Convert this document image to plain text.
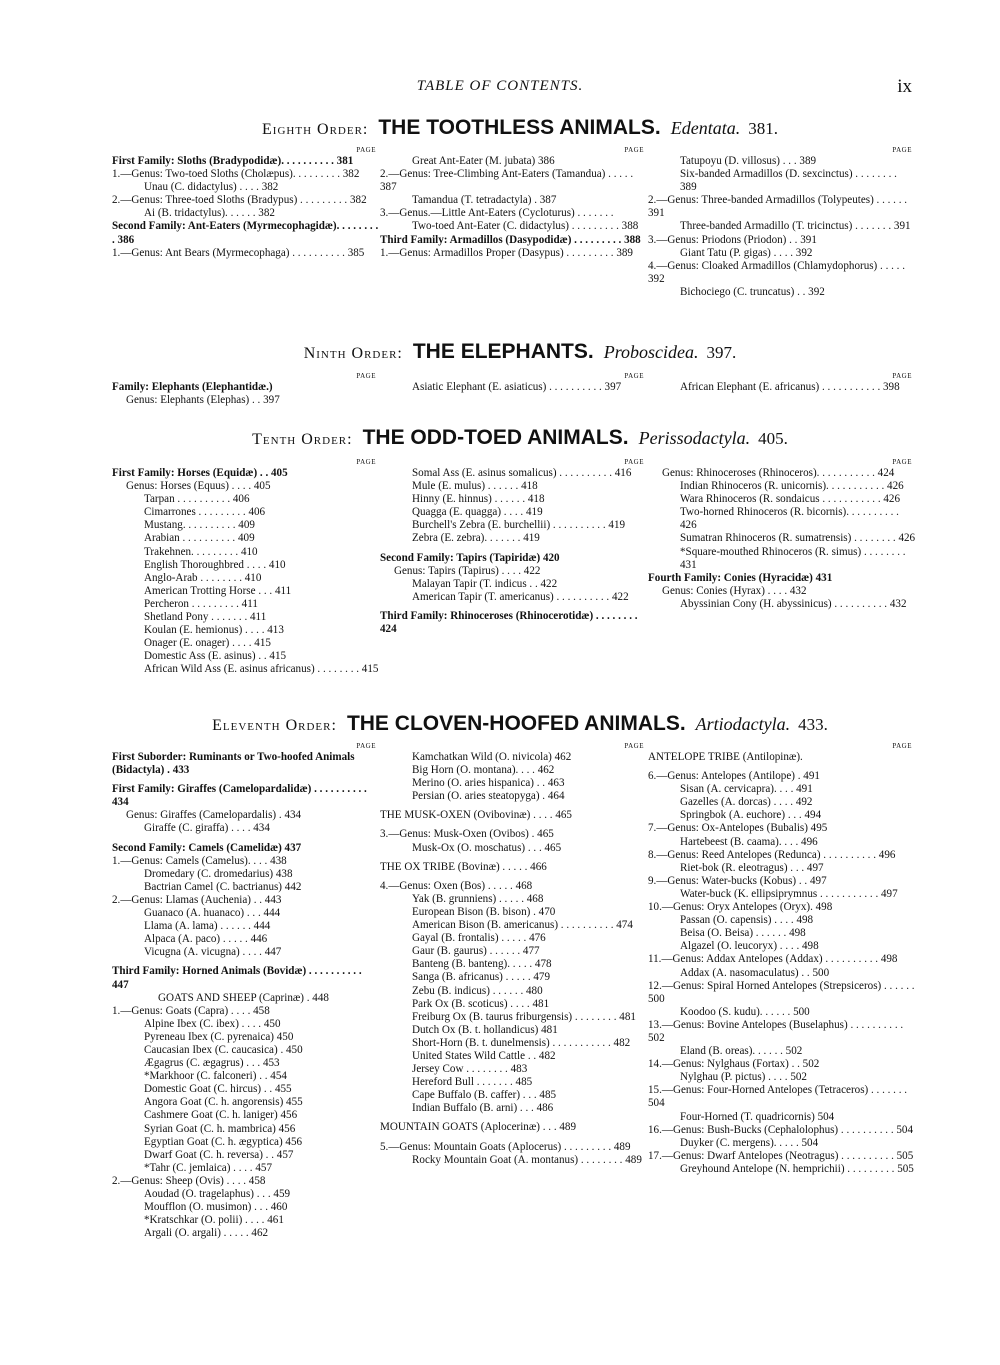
TABLE OF CONTENTS.	ix
Eighth Order: THE TOOTHLESS ANIMALS. Edentata. 381.
PAGE
First Family: Sloths (Bradypodidæ). . . . . . . . . . 381
1.—Genus: Two-toed Sloths (Cholæpus). . . . . . . . . 382
Unau (C. didactylus) . . . . 382
2.—Genus: Three-toed Sloths (Bradypus) . . . . . . . . . 382
Ai (B. tridactylus). . . . . . 382
Second Family: Ant-Eaters (Myrmecophagidæ). . . . . . . . . 386
1.—Genus: Ant Bears (Myrmecophaga) . . . . . . . . . . 385
PAGE
Great Ant-Eater (M. jubata) 386
2.—Genus: Tree-Climbing Ant-Eaters (Tamandua) . . . . . 387
Tamandua (T. tetradactyla) . 387
3.—Genus.—Little Ant-Eaters (Cycloturus) . . . . . . .
Two-toed Ant-Eater (C. didactylus) . . . . . . . . . 388
Third Family: Armadillos (Dasypodidæ) . . . . . . . . . 388
1.—Genus: Armadillos Proper (Dasypus) . . . . . . . . . 389
PAGE
Tatupoyu (D. villosus) . . . 389
Six-banded Armadillos (D. sexcinctus) . . . . . . . . 389
2.—Genus: Three-banded Armadillos (Tolypeutes) . . . . . . 391
Three-banded Armadillo (T. tricinctus) . . . . . . . 391
3.—Genus: Priodons (Priodon) . . 391
Giant Tatu (P. gigas) . . . . 392
4.—Genus: Cloaked Armadillos (Chlamydophorus) . . . . . 392
Bichociego (C. truncatus) . . 392
Ninth Order: THE ELEPHANTS. Proboscidea. 397.
PAGE
Family: Elephants (Elephantidæ.)
Genus: Elephants (Elephas) . . 397
PAGE
Asiatic Elephant (E. asiaticus) . . . . . . . . . . 397
PAGE
African Elephant (E. africanus) . . . . . . . . . . . 398
Tenth Order: THE ODD-TOED ANIMALS. Perissodactyla. 405.
PAGE
First Family: Horses (Equidæ) . . 405
Genus: Horses (Equus) . . . . 405
Tarpan . . . . . . . . . . 406
Cimarrones . . . . . . . . . 406
Mustang. . . . . . . . . . 409
Arabian . . . . . . . . . . 409
Trakehnen. . . . . . . . . 410
English Thoroughbred . . . . 410
Anglo-Arab . . . . . . . . 410
American Trotting Horse . . . 411
Percheron . . . . . . . . . 411
Shetland Pony . . . . . . . 411
Koulan (E. hemionus) . . . . 413
Onager (E. onager) . . . . 415
Domestic Ass (E. asinus) . . 415
African Wild Ass (E. asinus africanus) . . . . . . . . 415
PAGE
Somal Ass (E. asinus somalicus) . . . . . . . . . . 416
Mule (E. mulus) . . . . . . 418
Hinny (E. hinnus) . . . . . . 418
Quagga (E. quagga) . . . . 419
Burchell's Zebra (E. burchellii) . . . . . . . . . . 419
Zebra (E. zebra). . . . . . . 419
Second Family: Tapirs (Tapiridæ) 420
Genus: Tapirs (Tapirus) . . . . 422
Malayan Tapir (T. indicus . . 422
American Tapir (T. americanus) . . . . . . . . . . 422
Third Family: Rhinoceroses (Rhinocerotidæ) . . . . . . . . 424
PAGE
Genus: Rhinoceroses (Rhinoceros). . . . . . . . . . . 424
Indian Rhinoceros (R. unicornis). . . . . . . . . . . 426
Wara Rhinoceros (R. sondaicus . . . . . . . . . . . 426
Two-horned Rhinoceros (R. bicornis). . . . . . . . . . 426
Sumatran Rhinoceros (R. sumatrensis) . . . . . . . . 426
*Square-mouthed Rhinoceros (R. simus) . . . . . . . . 431
Fourth Family: Conies (Hyracidæ) 431
Genus: Conies (Hyrax) . . . . 432
Abyssinian Cony (H. abyssinicus) . . . . . . . . . . 432
Eleventh Order: THE CLOVEN-HOOFED ANIMALS. Artiodactyla. 433.
PAGE
First Suborder: Ruminants or Two-hoofed Animals (Bidactyla) . 433
First Family: Giraffes (Camelopardalidæ) . . . . . . . . . . 434
Genus: Giraffes (Camelopardalis) . 434
Giraffe (C. giraffa) . . . . 434
Second Family: Camels (Camelidæ) 437
1.—Genus: Camels (Camelus). . . . 438
Dromedary (C. dromedarius) 438
Bactrian Camel (C. bactrianus) 442
2.—Genus: Llamas (Auchenia) . . 443
Guanaco (A. huanaco) . . . 444
Llama (A. lama) . . . . . . 444
Alpaca (A. paco) . . . . . 446
Vicugna (A. vicugna) . . . . 447
Third Family: Horned Animals (Bovidæ) . . . . . . . . . . 447
GOATS AND SHEEP (Caprinæ) . 448
1.—Genus: Goats (Capra) . . . . 458
Alpine Ibex (C. ibex) . . . . 450
Pyreneau Ibex (C. pyrenaica) 450
Caucasian Ibex (C. caucasica) . 450
Ægagrus (C. ægagrus) . . . 453
*Markhoor (C. falconeri) . . 454
Domestic Goat (C. hircus) . . 455
Angora Goat (C. h. angorensis) 455
Cashmere Goat (C. h. laniger) 456
Syrian Goat (C. h. mambrica) 456
Egyptian Goat (C. h. ægyptica) 456
Dwarf Goat (C. h. reversa) . . 457
*Tahr (C. jemlaica) . . . . 457
2.—Genus: Sheep (Ovis) . . . . 458
Aoudad (O. tragelaphus) . . . 459
Moufflon (O. musimon) . . . 460
*Kratschkar (O. polii) . . . . 461
Argali (O. argali) . . . . . 462
PAGE
Kamchatkan Wild (O. nivicola) 462
Big Horn (O. montana). . . . 462
Merino (O. aries hispanica) . . 463
Persian (O. aries steatopyga) . 464
THE MUSK-OXEN (Ovibovinæ) . . . . 465
3.—Genus: Musk-Oxen (Ovibos) . 465
Musk-Ox (O. moschatus) . . . 465
THE OX TRIBE (Bovinæ) . . . . . 466
4.—Genus: Oxen (Bos) . . . . . 468
Yak (B. grunniens) . . . . . 468
European Bison (B. bison) . 470
American Bison (B. americanus) . . . . . . . . . . 474
Gayal (B. frontalis) . . . . . 476
Gaur (B. gaurus) . . . . . . 477
Banteng (B. banteng). . . . . 478
Sanga (B. africanus) . . . . . 479
Zebu (B. indicus) . . . . . . 480
Park Ox (B. scoticus) . . . . 481
Freiburg Ox (B. taurus friburgensis) . . . . . . . . 481
Dutch Ox (B. t. hollandicus) 481
Short-Horn (B. t. dunelmensis) . . . . . . . . . . . 482
United States Wild Cattle . . 482
Jersey Cow . . . . . . . . 483
Hereford Bull . . . . . . . 485
Cape Buffalo (B. caffer) . . . 485
Indian Buffalo (B. arni) . . . 486
MOUNTAIN GOATS (Aplocerinæ) . . . 489
5.—Genus: Mountain Goats (Aplocerus) . . . . . . . . . 489
Rocky Mountain Goat (A. montanus) . . . . . . . . 489
PAGE
ANTELOPE TRIBE (Antilopinæ).
6.—Genus: Antelopes (Antilope) . 491
Sisan (A. cervicapra). . . . 491
Gazelles (A. dorcas) . . . . 492
Springbok (A. euchore) . . . 494
7.—Genus: Ox-Antelopes (Bubalis) 495
Hartebeest (B. caama). . . . 496
8.—Genus: Reed Antelopes (Redunca) . . . . . . . . . . 496
Riet-bok (R. eleotragus) . . . 497
9.—Genus: Water-bucks (Kobus) . . 497
Water-buck (K. ellipsiprymnus . . . . . . . . . . . 497
10.—Genus: Oryx Antelopes (Oryx). 498
Passan (O. capensis) . . . . 498
Beisa (O. Beisa) . . . . . . 498
Algazel (O. leucoryx) . . . . 498
11.—Genus: Addax Antelopes (Addax) . . . . . . . . . . 498
Addax (A. nasomaculatus) . . 500
12.—Genus: Spiral Horned Antelopes (Strepsiceros) . . . . . . 500
Koodoo (S. kudu). . . . . . 500
13.—Genus: Bovine Antelopes (Buselaphus) . . . . . . . . . . 502
Eland (B. oreas). . . . . . 502
14.—Genus: Nylghaus (Fortax) . . 502
Nylghau (P. pictus) . . . . 502
15.—Genus: Four-Horned Antelopes (Tetraceros) . . . . . . . 504
Four-Horned (T. quadricornis) 504
16.—Genus: Bush-Bucks (Cephalolophus) . . . . . . . . . . 504
Duyker (C. mergens). . . . . 504
17.—Genus: Dwarf Antelopes (Neotragus) . . . . . . . . . . 505
Greyhound Antelope (N. hemprichii) . . . . . . . . . 505
